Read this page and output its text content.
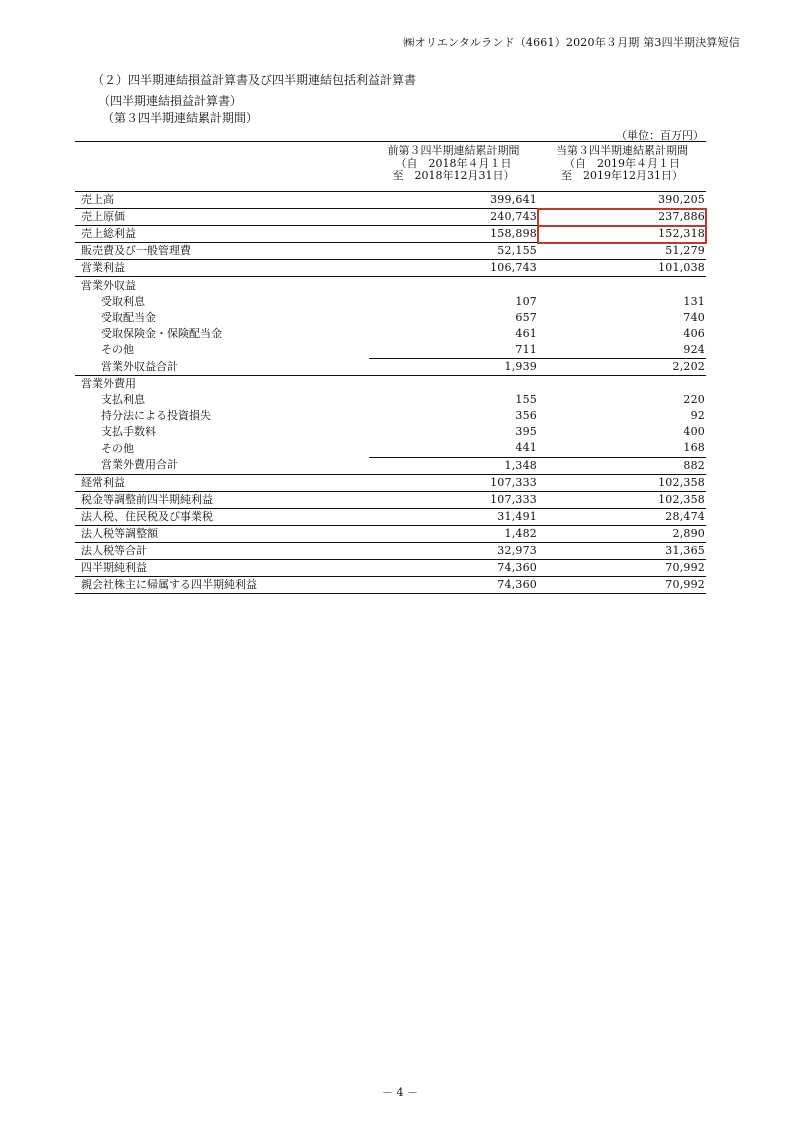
㈱オリエンタルランド（4661）2020年３月期 第3四半期決算短信
（２）四半期連結損益計算書及び四半期連結包括利益計算書
（四半期連結損益計算書）
（第３四半期連結累計期間）
（単位：百万円）

	前第３四半期連結累計期間
（自　2018年４月１日
至　2018年12月31日）	当第３四半期連結累計期間
（自　2019年４月１日
至　2019年12月31日）

売上高	399,641	390,205
売上原価	240,743	237,886
売上総利益	158,898	152,318
販売費及び一般管理費	52,155	51,279
営業利益	106,743	101,038
営業外収益		
受取利息	107	131
受取配当金	657	740
受取保険金・保険配当金	461	406
その他	711	924
営業外収益合計	1,939	2,202
営業外費用		
支払利息	155	220
持分法による投資損失	356	92
支払手数料	395	400
その他	441	168
営業外費用合計	1,348	882
経常利益	107,333	102,358
税金等調整前四半期純利益	107,333	102,358
法人税、住民税及び事業税	31,491	28,474
法人税等調整額	1,482	2,890
法人税等合計	32,973	31,365
四半期純利益	74,360	70,992
親会社株主に帰属する四半期純利益	74,360	70,992
－ 4 －
